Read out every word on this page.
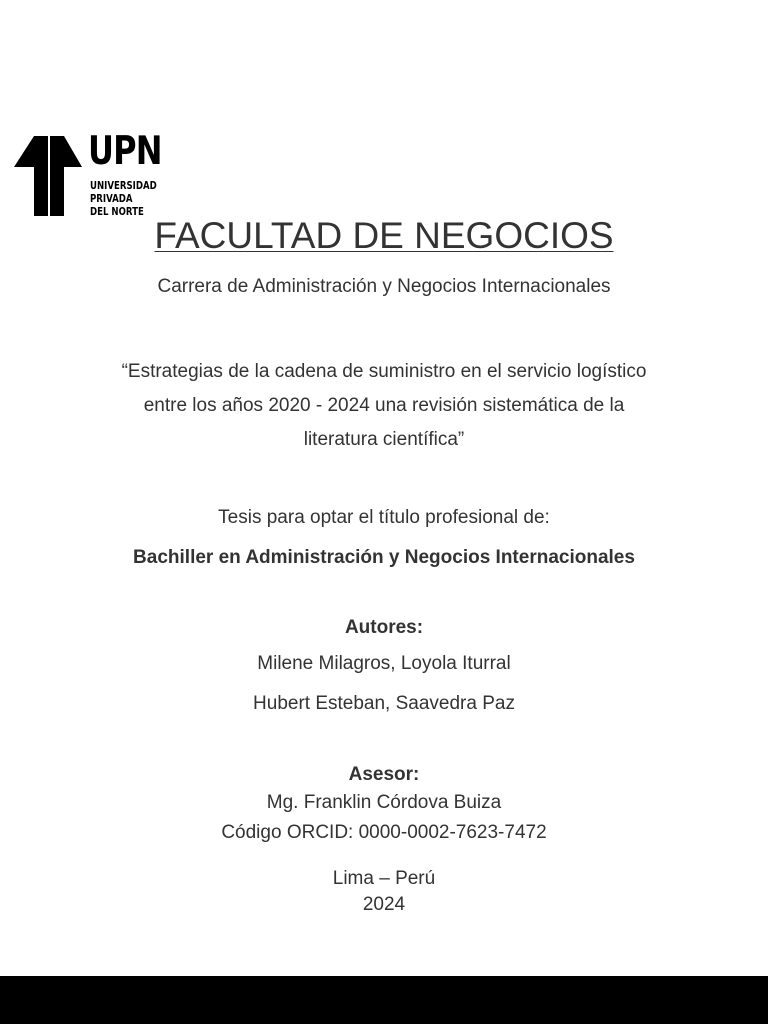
UPN
UNIVERSIDAD
PRIVADA
DEL NORTE
FACULTAD DE NEGOCIOS
Carrera de Administración y Negocios Internacionales
“Estrategias de la cadena de suministro en el servicio logístico
entre los años 2020 - 2024 una revisión sistemática de la
literatura científica”
Tesis para optar el título profesional de:
Bachiller en Administración y Negocios Internacionales
Autores:
Milene Milagros, Loyola Iturral
Hubert Esteban, Saavedra Paz
Asesor:
Mg. Franklin Córdova Buiza
Código ORCID: 0000-0002-7623-7472
Lima – Perú
2024
